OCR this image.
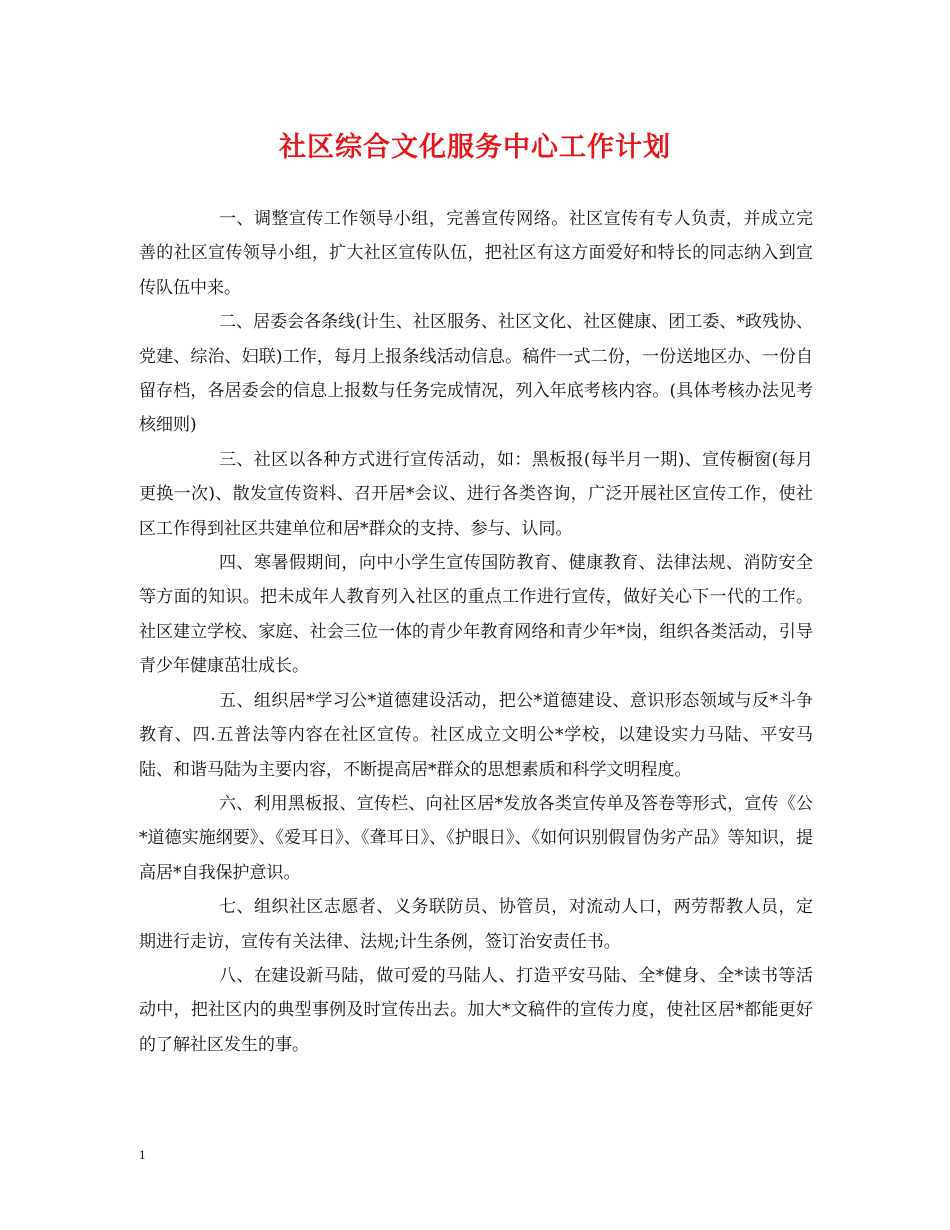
社区综合文化服务中心工作计划

一、调整宣传工作领导小组，完善宣传网络。社区宣传有专人负责，并成立完善的社区宣传领导小组，扩大社区宣传队伍，把社区有这方面爱好和特长的同志纳入到宣传队伍中来。

二、居委会各条线(计生、社区服务、社区文化、社区健康、团工委、*政残协、党建、综治、妇联)工作，每月上报条线活动信息。稿件一式二份，一份送地区办、一份自留存档，各居委会的信息上报数与任务完成情况，列入年底考核内容。(具体考核办法见考核细则)

三、社区以各种方式进行宣传活动，如：黑板报(每半月一期)、宣传橱窗(每月更换一次)、散发宣传资料、召开居*会议、进行各类咨询，广泛开展社区宣传工作，使社区工作得到社区共建单位和居*群众的支持、参与、认同。

四、寒暑假期间，向中小学生宣传国防教育、健康教育、法律法规、消防安全等方面的知识。把未成年人教育列入社区的重点工作进行宣传，做好关心下一代的工作。社区建立学校、家庭、社会三位一体的青少年教育网络和青少年*岗，组织各类活动，引导青少年健康茁壮成长。

五、组织居*学习公*道德建设活动，把公*道德建设、意识形态领域与反*斗争教育、四.五普法等内容在社区宣传。社区成立文明公*学校，以建设实力马陆、平安马陆、和谐马陆为主要内容，不断提高居*群众的思想素质和科学文明程度。

六、利用黑板报、宣传栏、向社区居*发放各类宣传单及答卷等形式，宣传《公*道德实施纲要》、《爱耳日》、《聋耳日》、《护眼日》、《如何识别假冒伪劣产品》等知识，提高居*自我保护意识。

七、组织社区志愿者、义务联防员、协管员，对流动人口，两劳帮教人员，定期进行走访，宣传有关法律、法规;计生条例，签订治安责任书。

八、在建设新马陆，做可爱的马陆人、打造平安马陆、全*健身、全*读书等活动中，把社区内的典型事例及时宣传出去。加大*文稿件的宣传力度，使社区居*都能更好的了解社区发生的事。

1
